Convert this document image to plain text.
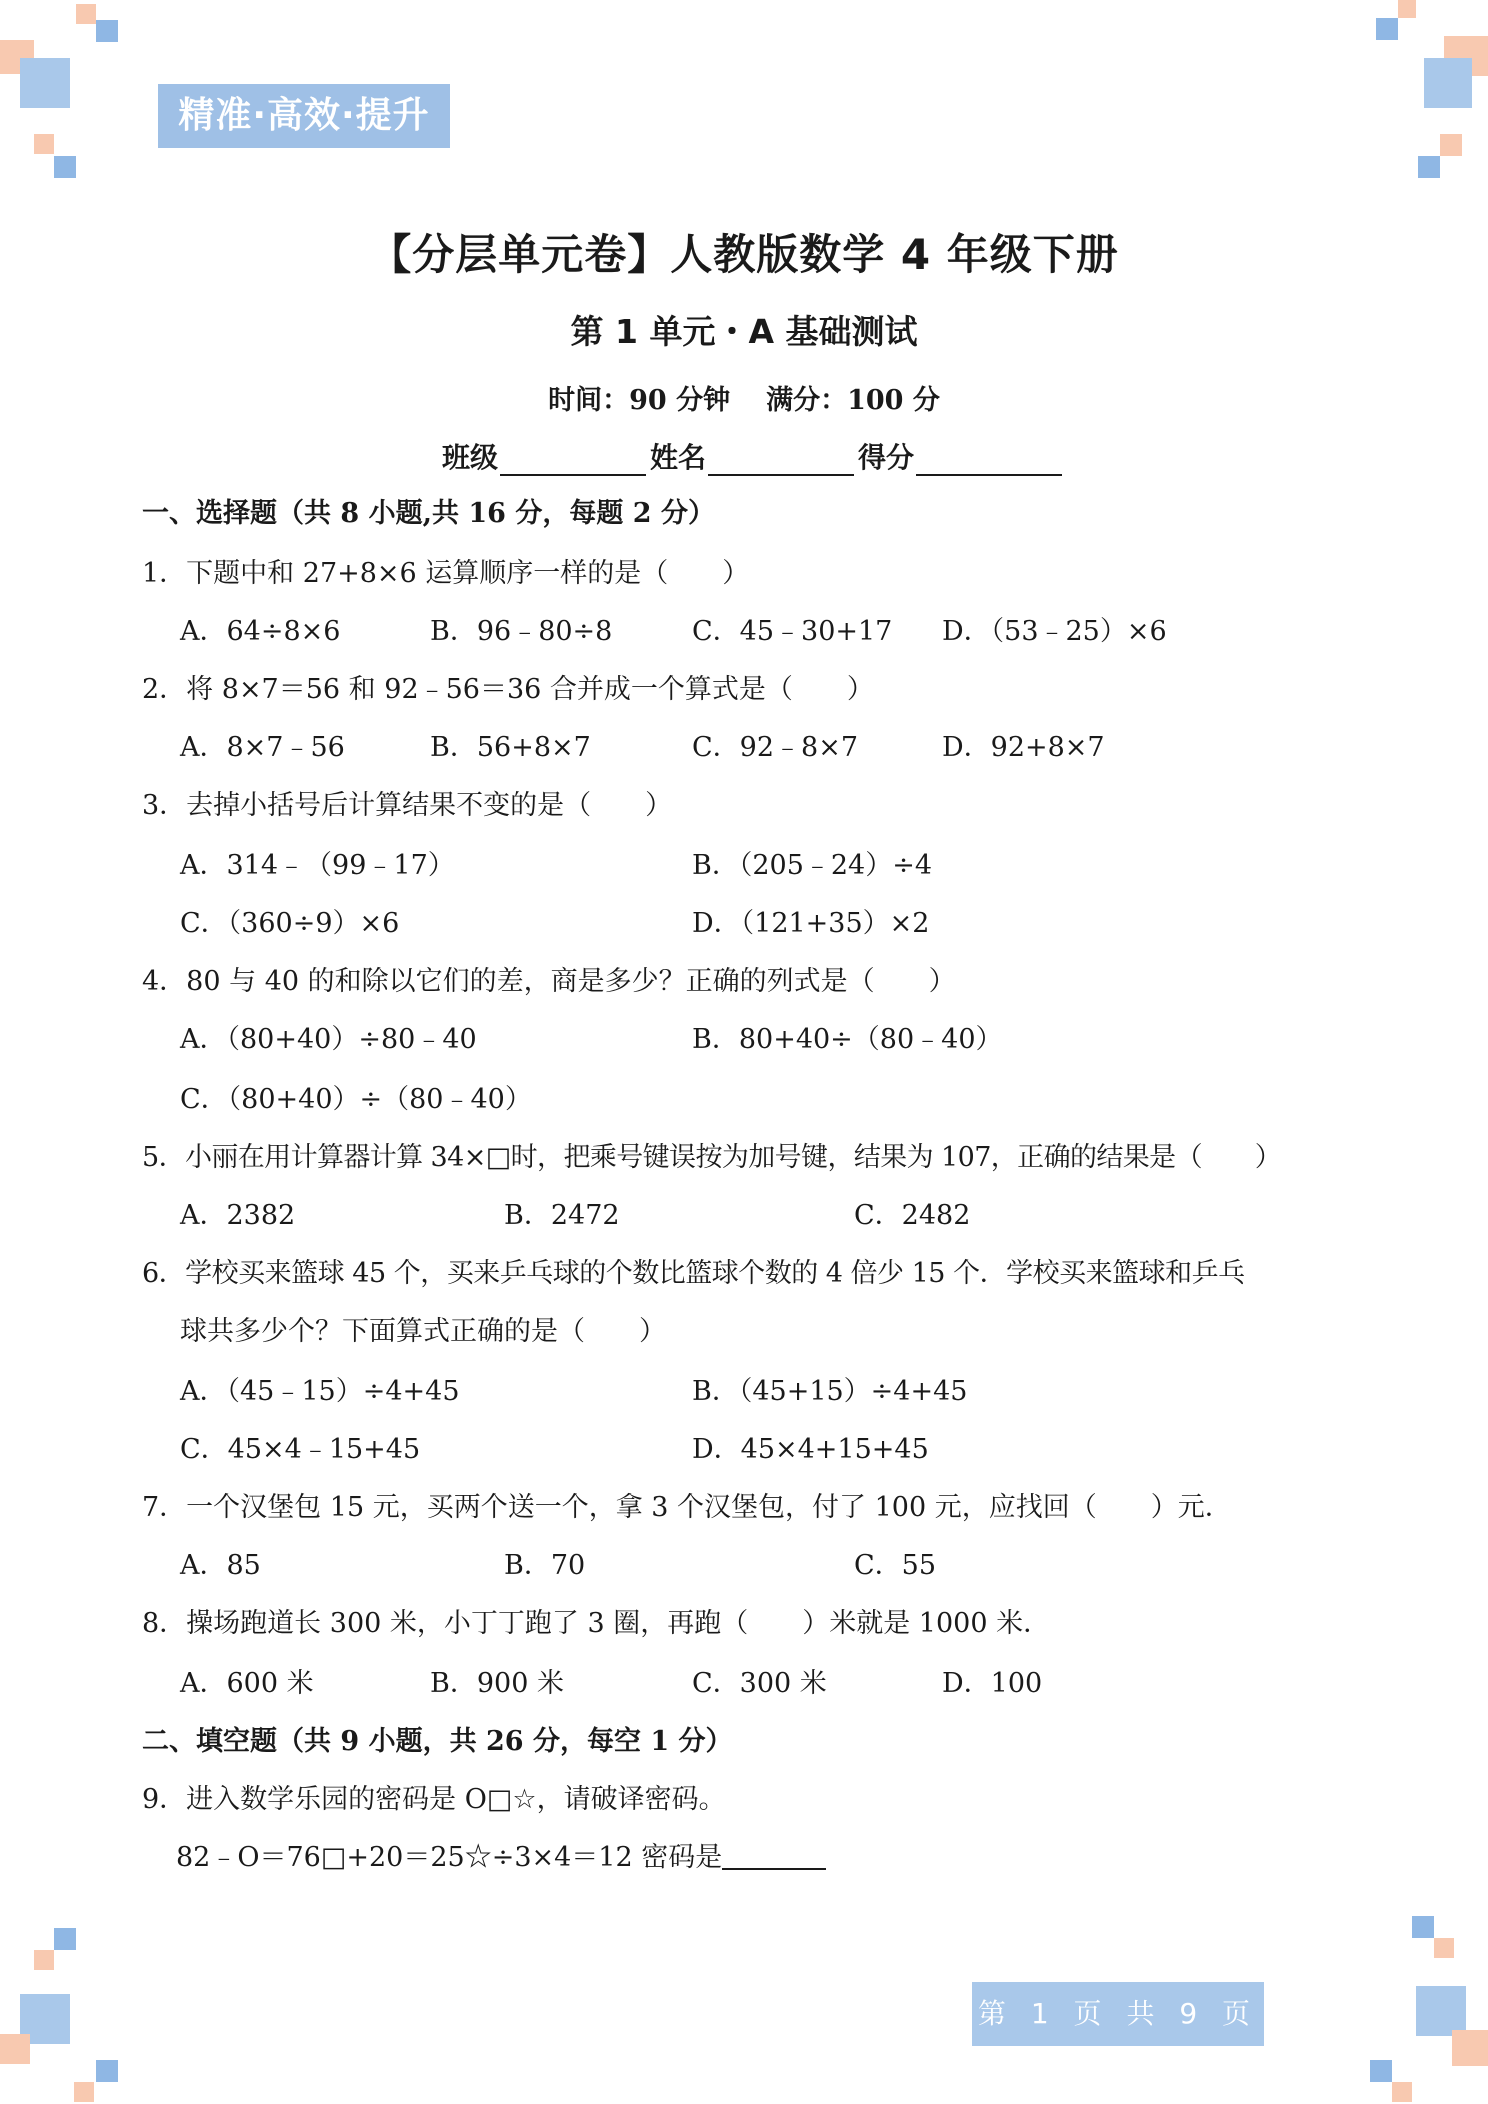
精准·高效·提升
【分层单元卷】人教版数学 4 年级下册
第 1 单元・A 基础测试
时间：90 分钟 满分：100 分
班级	姓名	得分
一、选择题（共 8 小题,共 16 分，每题 2 分）
1．下题中和 27+8×6 运算顺序一样的是（　　）
A．64÷8×6	B．96﹣80÷8	C．45﹣30+17 D．（53﹣25）×6
2．将 8×7＝56 和 92﹣56＝36 合并成一个算式是（　　）
A．8×7﹣56	B．56+8×7	C．92﹣8×7	D．92+8×7
3．去掉小括号后计算结果不变的是（　　）
A．314﹣（99﹣17）	B．（205﹣24）÷4
C．（360÷9）×6	D．（121+35）×2
4．80 与 40 的和除以它们的差，商是多少？正确的列式是（　　）
A．（80+40）÷80﹣40	B．80+40÷（80﹣40）
C．（80+40）÷（80﹣40）
5．小丽在用计算器计算 34×□时，把乘号键误按为加号键，结果为 107，正确的结果是（　　）
A．2382	B．2472	C．2482
6．学校买来篮球 45 个，买来乒乓球的个数比篮球个数的 4 倍少 15 个．学校买来篮球和乒乓
球共多少个？下面算式正确的是（　　）
A．（45﹣15）÷4+45	B．（45+15）÷4+45
C．45×4﹣15+45	D．45×4+15+45
7．一个汉堡包 15 元，买两个送一个，拿 3 个汉堡包，付了 100 元，应找回（　　）元．
A．85	B．70	C．55
8．操场跑道长 300 米，小丁丁跑了 3 圈，再跑（　　）米就是 1000 米．
A．600 米	B．900 米	C．300 米	D．100
二、填空题（共 9 小题，共 26 分，每空 1 分）
9．进入数学乐园的密码是 O□☆，请破译密码。
82﹣O＝76□+20＝25☆÷3×4＝12 密码是
第 1 页 共 9 页
